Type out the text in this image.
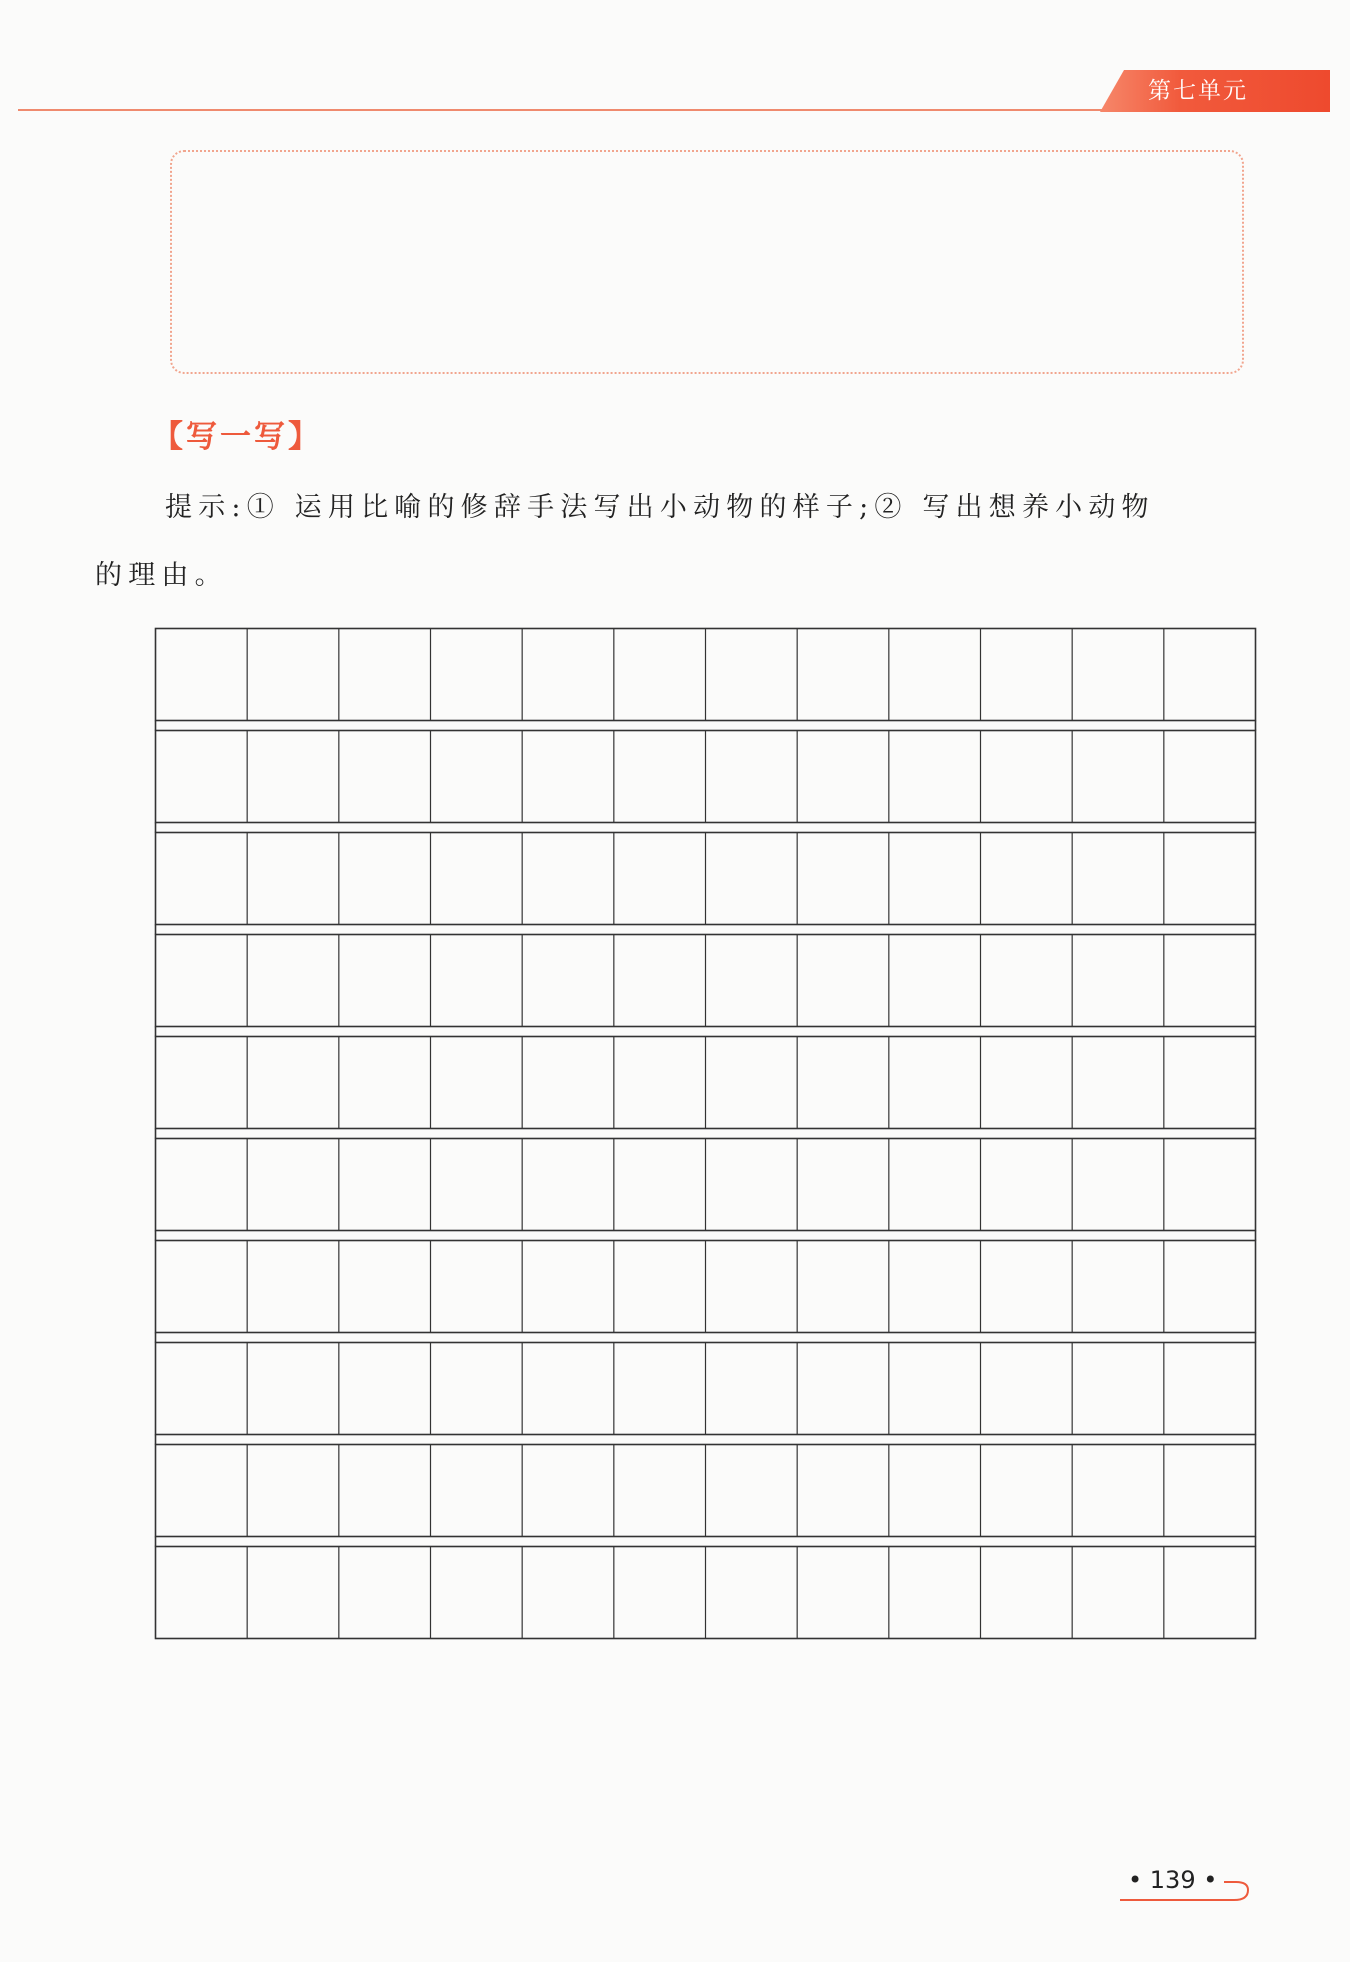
第七单元
【写一写】
提示:① 运用比喻的修辞手法写出小动物的样子;② 写出想养小动物
的理由。
• 139 •
